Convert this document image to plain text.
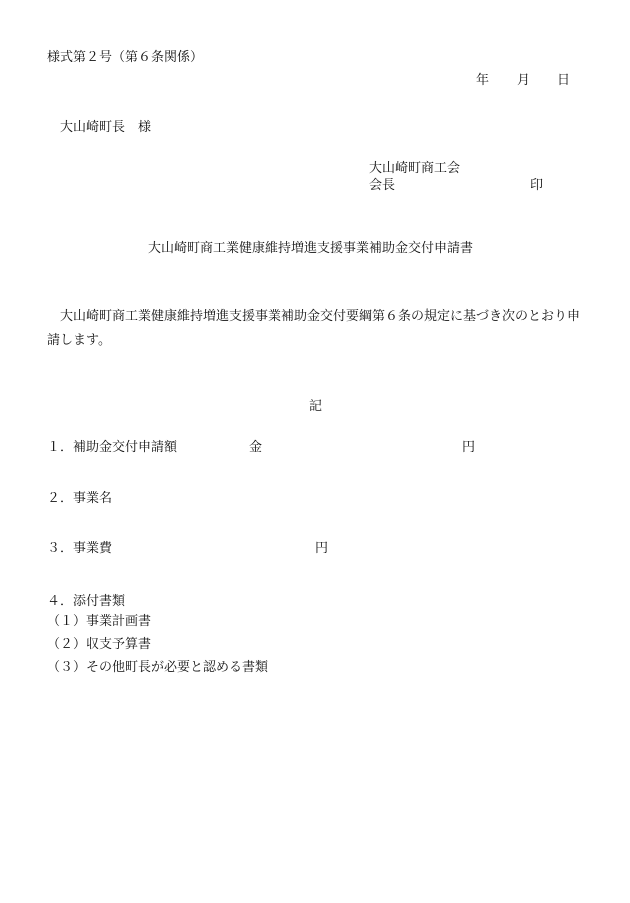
様式第２号（第６条関係）
年 月 日
大山崎町長　様
大山崎町商工会
会長	印
大山崎町商工業健康維持増進支援事業補助金交付申請書
大山崎町商工業健康維持増進支援事業補助金交付要綱第６条の規定に基づき次のとおり申請します。
記
１．補助金交付申請額	金	円
２．事業名
３．事業費	円
４．添付書類
（１）事業計画書
（２）収支予算書
（３）その他町長が必要と認める書類
